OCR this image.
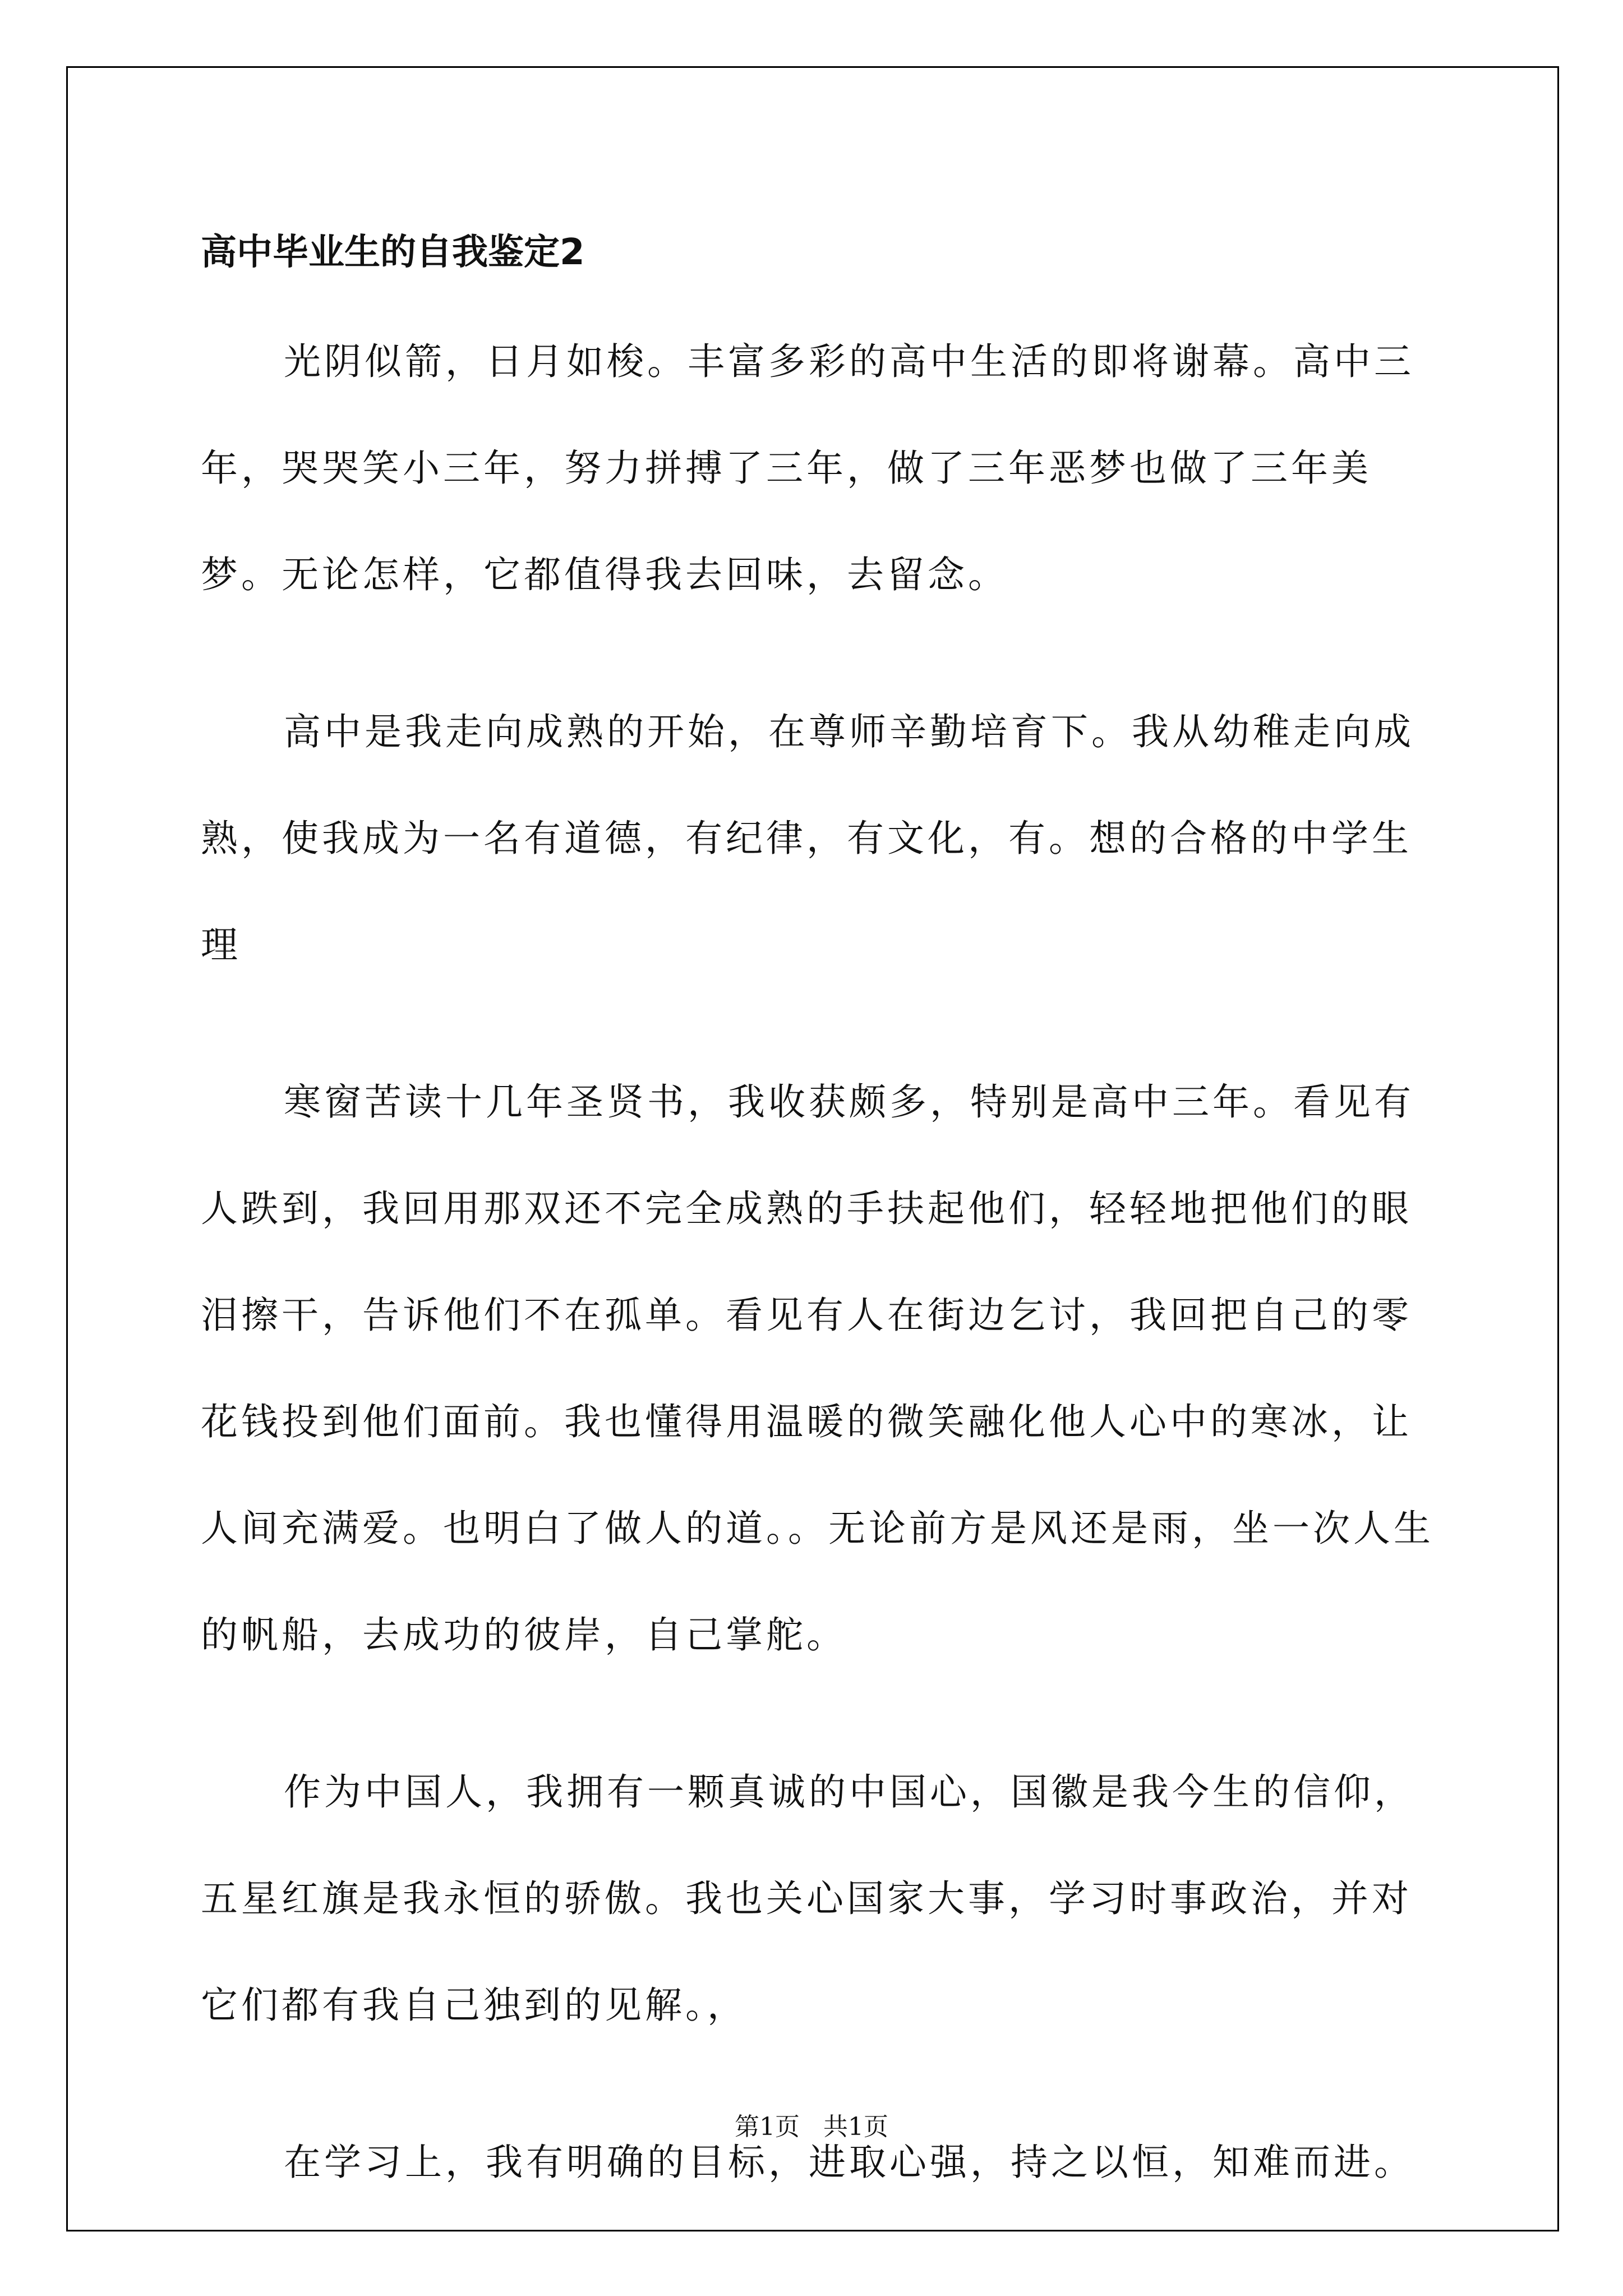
高中毕业生的自我鉴定2

光阴似箭，日月如梭。丰富多彩的高中生活的即将谢幕。高中三年，哭哭笑小三年，努力拼搏了三年，做了三年恶梦也做了三年美梦。无论怎样，它都值得我去回味，去留念。

高中是我走向成熟的开始，在尊师辛勤培育下。我从幼稚走向成熟，使我成为一名有道德，有纪律，有文化，有。想的合格的中学生理

寒窗苦读十几年圣贤书，我收获颇多，特别是高中三年。看见有人跌到，我回用那双还不完全成熟的手扶起他们，轻轻地把他们的眼泪擦干，告诉他们不在孤单。看见有人在街边乞讨，我回把自己的零花钱投到他们面前。我也懂得用温暖的微笑融化他人心中的寒冰，让人间充满爱。也明白了做人的道。。无论前方是风还是雨，坐一次人生的帆船，去成功的彼岸，自己掌舵。

作为中国人，我拥有一颗真诚的中国心，国徽是我今生的信仰，五星红旗是我永恒的骄傲。我也关心国家大事，学习时事政治，并对它们都有我自己独到的见解。，

在学习上，我有明确的目标，进取心强，持之以恒，知难而进。

第1页   共1页
